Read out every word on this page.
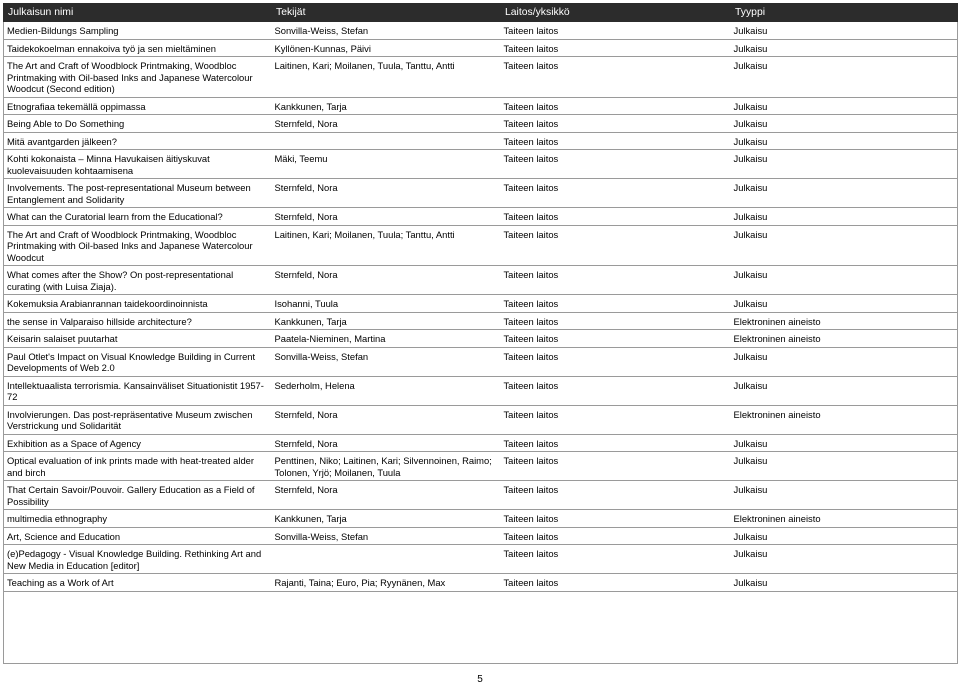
Julkaisun nimi	Tekijät	Laitos/yksikkö	Tyyppi
Medien-Bildungs Sampling	Sonvilla-Weiss, Stefan	Taiteen laitos	Julkaisu
Taidekokoelman ennakoiva työ ja sen mieltäminen	Kyllönen-Kunnas, Päivi	Taiteen laitos	Julkaisu
The Art and Craft of Woodblock Printmaking, Woodbloc Printmaking with Oil-based Inks and Japanese Watercolour Woodcut (Second edition)	Laitinen, Kari; Moilanen, Tuula, Tanttu, Antti	Taiteen laitos	Julkaisu
Etnografiaa tekemällä oppimassa	Kankkunen, Tarja	Taiteen laitos	Julkaisu
Being Able to Do Something	Sternfeld, Nora	Taiteen laitos	Julkaisu
Mitä avantgarden jälkeen?		Taiteen laitos	Julkaisu
Kohti kokonaista – Minna Havukaisen äitiyskuvat kuolevaisuuden kohtaamisena	Mäki, Teemu	Taiteen laitos	Julkaisu
Involvements. The post-representational Museum between Entanglement and Solidarity	Sternfeld, Nora	Taiteen laitos	Julkaisu
What can the Curatorial learn from the Educational?	Sternfeld, Nora	Taiteen laitos	Julkaisu
The Art and Craft of Woodblock Printmaking, Woodbloc Printmaking with Oil-based Inks and Japanese Watercolour Woodcut	Laitinen, Kari; Moilanen, Tuula; Tanttu, Antti	Taiteen laitos	Julkaisu
What comes after the Show? On post-representational curating (with Luisa Ziaja).	Sternfeld, Nora	Taiteen laitos	Julkaisu
Kokemuksia Arabianrannan taidekoordinoinnista	Isohanni, Tuula	Taiteen laitos	Julkaisu
the sense in Valparaiso hillside architecture?	Kankkunen, Tarja	Taiteen laitos	Elektroninen aineisto
Keisarin salaiset puutarhat	Paatela-Nieminen, Martina	Taiteen laitos	Elektroninen aineisto
Paul Otlet's Impact on Visual Knowledge Building in Current Developments of Web 2.0	Sonvilla-Weiss, Stefan	Taiteen laitos	Julkaisu
Intellektuaalista terrorismia. Kansainväliset Situationistit 1957-72	Sederholm, Helena	Taiteen laitos	Julkaisu
Involvierungen. Das post-repräsentative Museum zwischen Verstrickung und Solidarität	Sternfeld, Nora	Taiteen laitos	Elektroninen aineisto
Exhibition as a Space of Agency	Sternfeld, Nora	Taiteen laitos	Julkaisu
Optical evaluation of ink prints made with heat-treated alder and birch	Penttinen, Niko; Laitinen, Kari; Silvennoinen, Raimo; Tolonen, Yrjö; Moilanen, Tuula	Taiteen laitos	Julkaisu
That Certain Savoir/Pouvoir. Gallery Education as a Field of Possibility	Sternfeld, Nora	Taiteen laitos	Julkaisu
multimedia ethnography	Kankkunen, Tarja	Taiteen laitos	Elektroninen aineisto
Art, Science and Education	Sonvilla-Weiss, Stefan	Taiteen laitos	Julkaisu
(e)Pedagogy - Visual Knowledge Building. Rethinking Art and New Media in Education [editor]		Taiteen laitos	Julkaisu
Teaching as a Work of Art	Rajanti, Taina; Euro, Pia; Ryynänen, Max	Taiteen laitos	Julkaisu

5
